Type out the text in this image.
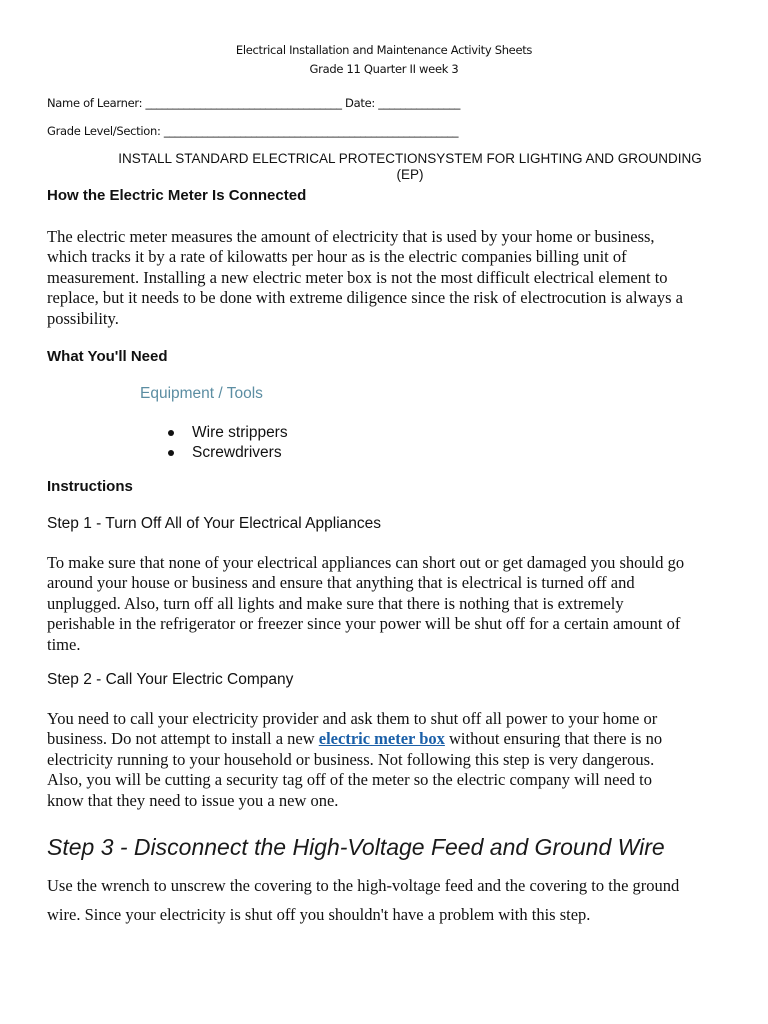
Electrical Installation and Maintenance Activity Sheets
Grade 11 Quarter II week 3
Name of Learner: ____________________________________ Date: _______________
Grade Level/Section: ______________________________________________________
INSTALL STANDARD ELECTRICAL PROTECTIONSYSTEM FOR LIGHTING AND GROUNDING
(EP)
How the Electric Meter Is Connected
The electric meter measures the amount of electricity that is used by your home or business,
which tracks it by a rate of kilowatts per hour as is the electric companies billing unit of
measurement. Installing a new electric meter box is not the most difficult electrical element to
replace, but it needs to be done with extreme diligence since the risk of electrocution is always a
possibility.
What You'll Need
Equipment / Tools
Wire strippers
Screwdrivers
Instructions
Step 1 - Turn Off All of Your Electrical Appliances
To make sure that none of your electrical appliances can short out or get damaged you should go
around your house or business and ensure that anything that is electrical is turned off and
unplugged. Also, turn off all lights and make sure that there is nothing that is extremely
perishable in the refrigerator or freezer since your power will be shut off for a certain amount of
time.
Step 2 - Call Your Electric Company
You need to call your electricity provider and ask them to shut off all power to your home or
business. Do not attempt to install a new electric meter box without ensuring that there is no
electricity running to your household or business. Not following this step is very dangerous.
Also, you will be cutting a security tag off of the meter so the electric company will need to
know that they need to issue you a new one.
Step 3 - Disconnect the High-Voltage Feed and Ground Wire
Use the wrench to unscrew the covering to the high-voltage feed and the covering to the ground
wire. Since your electricity is shut off you shouldn't have a problem with this step.
